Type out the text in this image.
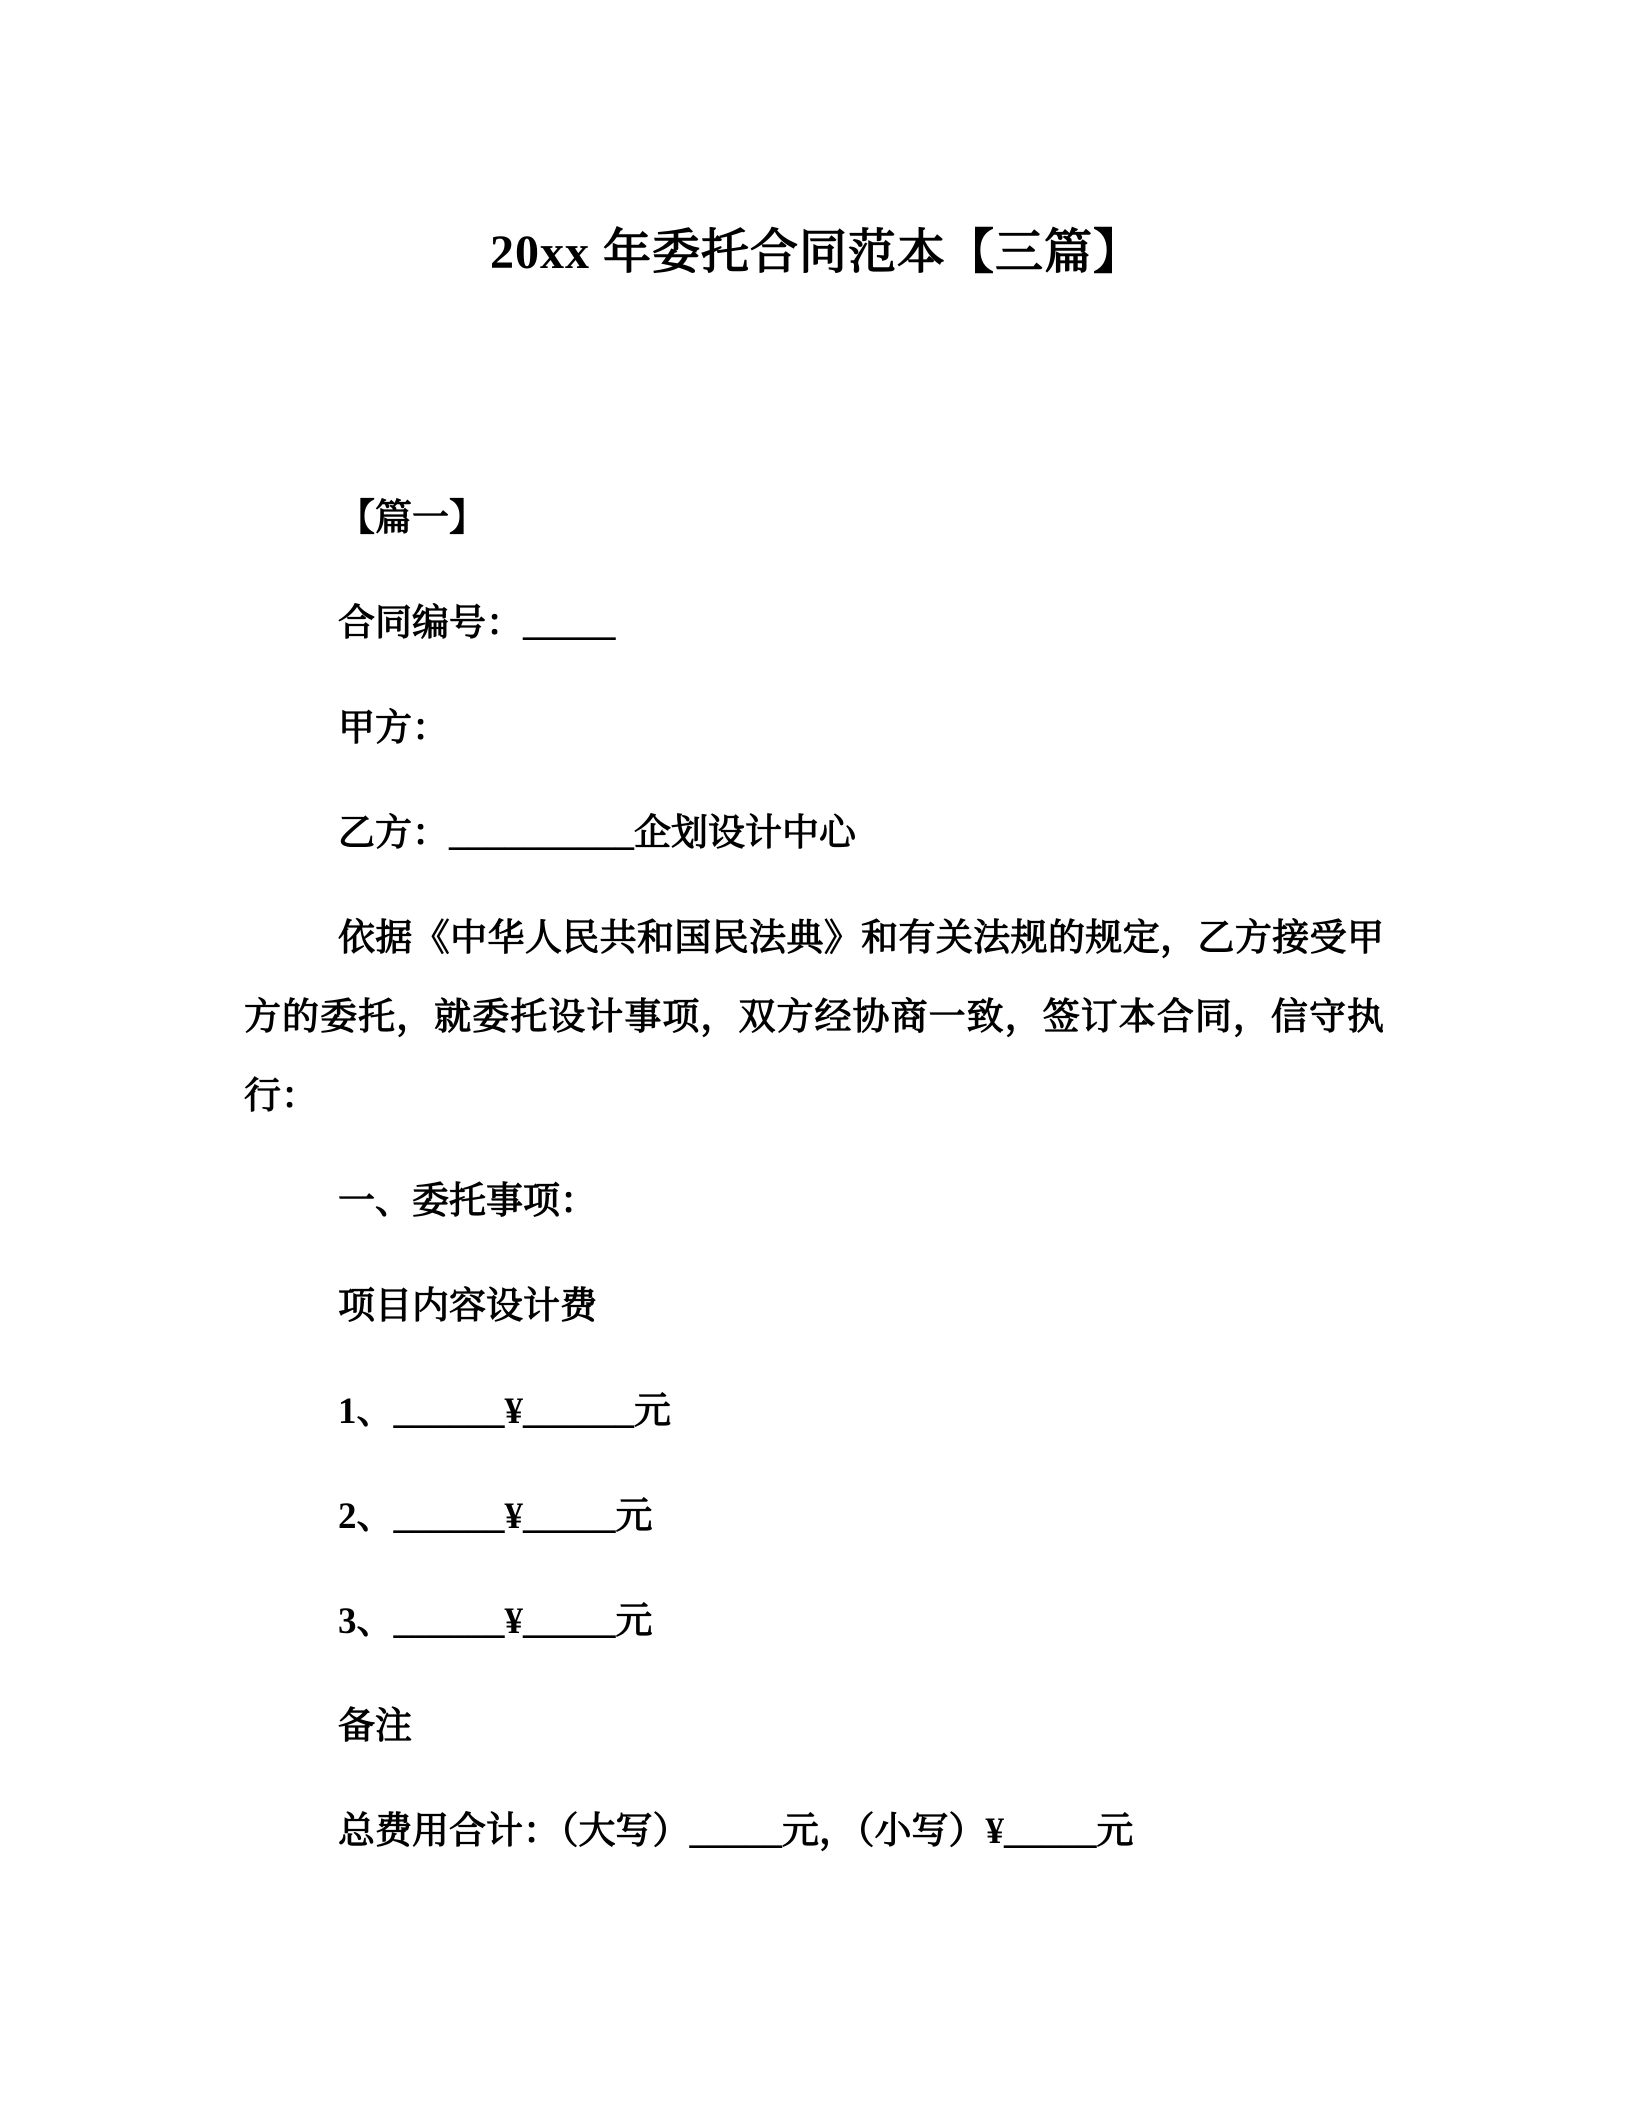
20xx 年委托合同范本【三篇】

【篇一】

合同编号：_____

甲方：

乙方：__________企划设计中心

依据《中华人民共和国民法典》和有关法规的规定，乙方接受甲方的委托，就委托设计事项，双方经协商一致，签订本合同，信守执行：

一、委托事项：

项目内容设计费

1、______¥______元

2、______¥_____元

3、______¥_____元

备注

总费用合计：（大写）_____元，（小写）¥_____元
